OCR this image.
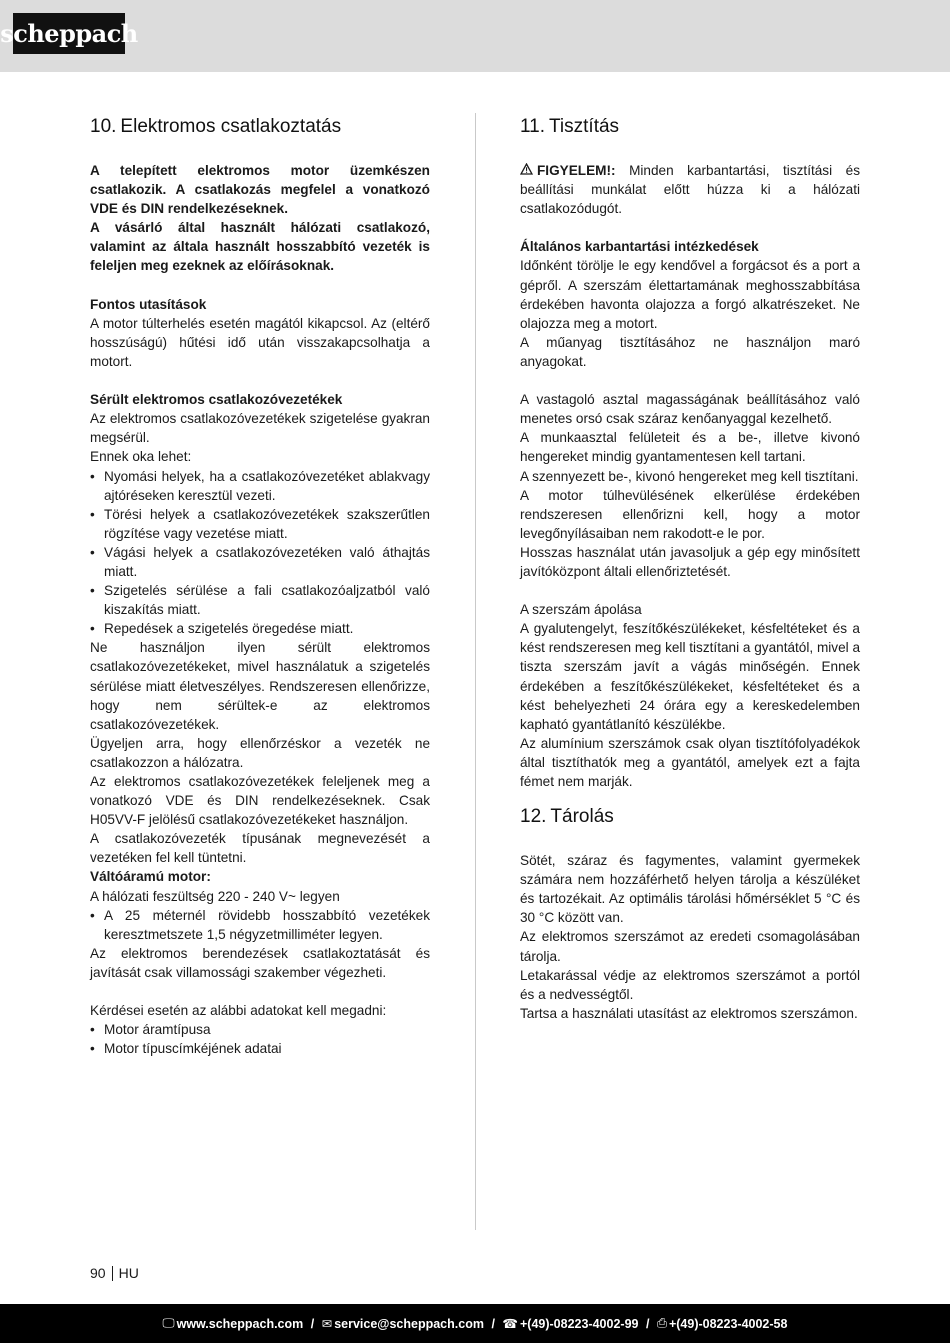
scheppach
10. Elektromos csatlakoztatás

A telepített elektromos motor üzemkészen csatlakozik. A csatlakozás megfelel a vonatkozó VDE és DIN rendelkezéseknek.

A vásárló által használt hálózati csatlakozó, valamint az általa használt hosszabbító vezeték is feleljen meg ezeknek az előírásoknak.

Fontos utasítások

A motor túlterhelés esetén magától kikapcsol. Az (eltérő hosszúságú) hűtési idő után visszakapcsolhatja a motort.

Sérült elektromos csatlakozóvezetékek

Az elektromos csatlakozóvezetékek szigetelése gyakran megsérül.

Ennek oka lehet:

• Nyomási helyek, ha a csatlakozóvezetéket ablakvagy ajtóréseken keresztül vezeti.
• Törési helyek a csatlakozóvezetékek szakszerűtlen rögzítése vagy vezetése miatt.
• Vágási helyek a csatlakozóvezetéken való áthajtás miatt.
• Szigetelés sérülése a fali csatlakozóaljzatból való kiszakítás miatt.
• Repedések a szigetelés öregedése miatt.

Ne használjon ilyen sérült elektromos csatlakozóvezetékeket, mivel használatuk a szigetelés sérülése miatt életveszélyes. Rendszeresen ellenőrizze, hogy nem sérültek-e az elektromos csatlakozóvezetékek.

Ügyeljen arra, hogy ellenőrzéskor a vezeték ne csatlakozzon a hálózatra.

Az elektromos csatlakozóvezetékek feleljenek meg a vonatkozó VDE és DIN rendelkezéseknek. Csak H05VV-F jelölésű csatlakozóvezetékeket használjon.

A csatlakozóvezeték típusának megnevezését a vezetéken fel kell tüntetni.

Váltóáramú motor:

A hálózati feszültség 220 - 240 V~ legyen

• A 25 méternél rövidebb hosszabbító vezetékek keresztmetszete 1,5 négyzetmilliméter legyen.

Az elektromos berendezések csatlakoztatását és javítását csak villamossági szakember végezheti.

Kérdései esetén az alábbi adatokat kell megadni:

• Motor áramtípusa
• Motor típuscímkéjének adatai
11. Tisztítás

FIGYELEM!: Minden karbantartási, tisztítási és beállítási munkálat előtt húzza ki a hálózati csatlakozódugót.

Általános karbantartási intézkedések

Időnként törölje le egy kendővel a forgácsot és a port a gépről. A szerszám élettartamának meghosszabbítása érdekében havonta olajozza a forgó alkatrészeket. Ne olajozza meg a motort.

A műanyag tisztításához ne használjon maró anyagokat.

A vastagoló asztal magasságának beállításához való menetes orsó csak száraz kenőanyaggal kezelhető.

A munkaasztal felületeit és a be-, illetve kivonó hengereket mindig gyantamentesen kell tartani.

A szennyezett be-, kivonó hengereket meg kell tisztítani.

A motor túlhevülésének elkerülése érdekében rendszeresen ellenőrizni kell, hogy a motor levegőnyílásaiban nem rakodott-e le por.

Hosszas használat után javasoljuk a gép egy minősített javítóközpont általi ellenőriztetését.

A szerszám ápolása

A gyalutengelyt, feszítőkészülékeket, késfeltéteket és a kést rendszeresen meg kell tisztítani a gyantától, mivel a tiszta szerszám javít a vágás minőségén. Ennek érdekében a feszítőkészülékeket, késfeltéteket és a kést behelyezheti 24 órára egy a kereskedelemben kapható gyantátlanító készülékbe.

Az alumínium szerszámok csak olyan tisztítófolyadékok által tisztíthatók meg a gyantától, amelyek ezt a fajta fémet nem marják.

12. Tárolás

Sötét, száraz és fagymentes, valamint gyermekek számára nem hozzáférhető helyen tárolja a készüléket és tartozékait. Az optimális tárolási hőmérséklet 5 °C és 30 °C között van.

Az elektromos szerszámot az eredeti csomagolásában tárolja.

Letakarással védje az elektromos szerszámot a portól és a nedvességtől.

Tartsa a használati utasítást az elektromos szerszámon.

90 HU
🖵 www.scheppach.com
/
✉ service@scheppach.com
/
☎ +(49)-08223-4002-99
/
⎙ +(49)-08223-4002-58
